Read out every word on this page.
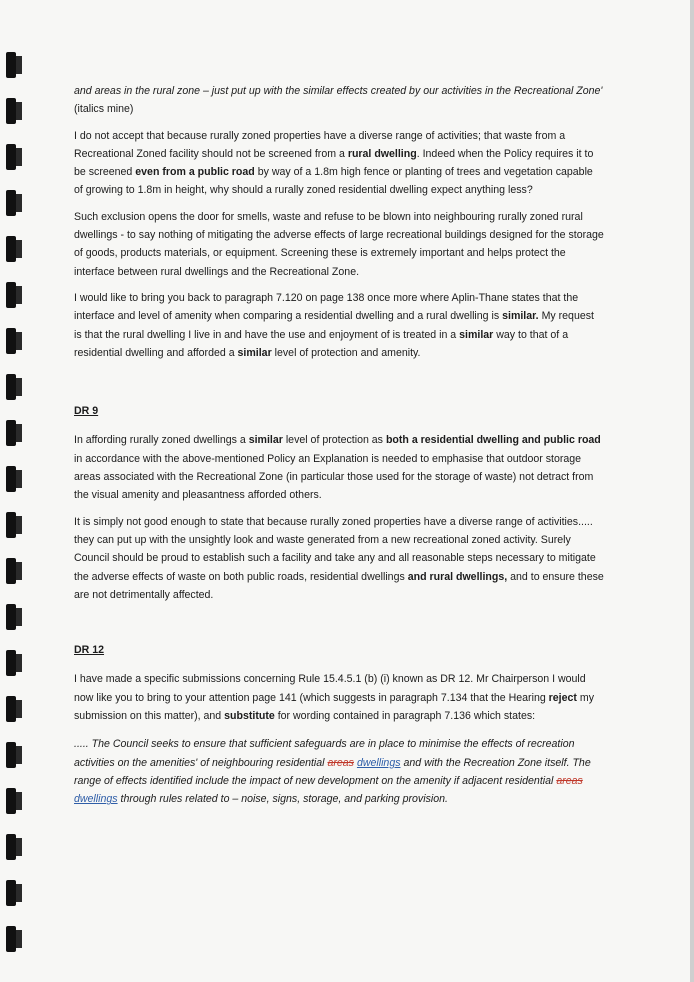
and areas in the rural zone – just put up with the similar effects created by our activities in the Recreational Zone' (italics mine)

I do not accept that because rurally zoned properties have a diverse range of activities; that waste from a Recreational Zoned facility should not be screened from a rural dwelling. Indeed when the Policy requires it to be screened even from a public road by way of a 1.8m high fence or planting of trees and vegetation capable of growing to 1.8m in height, why should a rurally zoned residential dwelling expect anything less?

Such exclusion opens the door for smells, waste and refuse to be blown into neighbouring rurally zoned rural dwellings - to say nothing of mitigating the adverse effects of large recreational buildings designed for the storage of goods, products materials, or equipment. Screening these is extremely important and helps protect the interface between rural dwellings and the Recreational Zone.

I would like to bring you back to paragraph 7.120 on page 138 once more where Aplin-Thane states that the interface and level of amenity when comparing a residential dwelling and a rural dwelling is similar. My request is that the rural dwelling I live in and have the use and enjoyment of is treated in a similar way to that of a residential dwelling and afforded a similar level of protection and amenity.

DR 9

In affording rurally zoned dwellings a similar level of protection as both a residential dwelling and public road in accordance with the above-mentioned Policy an Explanation is needed to emphasise that outdoor storage areas associated with the Recreational Zone (in particular those used for the storage of waste) not detract from the visual amenity and pleasantness afforded others.

It is simply not good enough to state that because rurally zoned properties have a diverse range of activities..... they can put up with the unsightly look and waste generated from a new recreational zoned activity. Surely Council should be proud to establish such a facility and take any and all reasonable steps necessary to mitigate the adverse effects of waste on both public roads, residential dwellings and rural dwellings, and to ensure these are not detrimentally affected.

DR 12

I have made a specific submissions concerning Rule 15.4.5.1 (b) (i) known as DR 12. Mr Chairperson I would now like you to bring to your attention page 141 (which suggests in paragraph 7.134 that the Hearing reject my submission on this matter), and substitute for wording contained in paragraph 7.136 which states:

..... The Council seeks to ensure that sufficient safeguards are in place to minimise the effects of recreation activities on the amenities' of neighbouring residential areas dwellings and with the Recreation Zone itself. The range of effects identified include the impact of new development on the amenity if adjacent residential areas dwellings through rules related to – noise, signs, storage, and parking provision.
